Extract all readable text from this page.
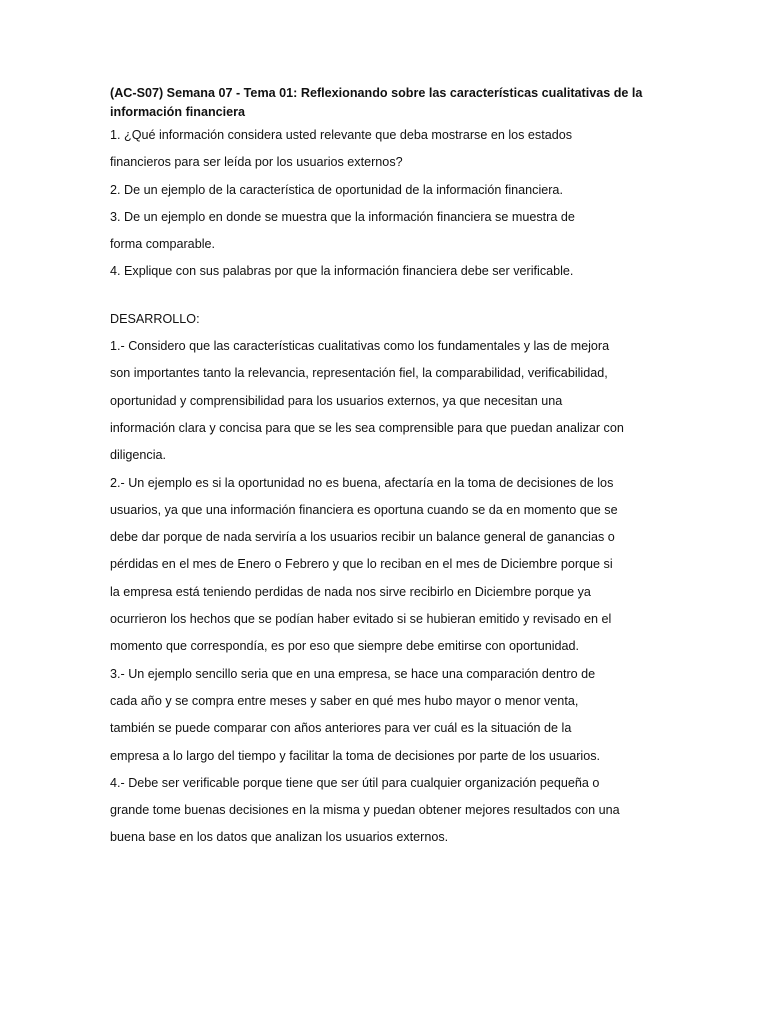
(AC-S07) Semana 07 - Tema 01: Reflexionando sobre las características cualitativas de la
información financiera
1. ¿Qué información considera usted relevante que deba mostrarse en los estados
financieros para ser leída por los usuarios externos?
2. De un ejemplo de la característica de oportunidad de la información financiera.
3. De un ejemplo en donde se muestra que la información financiera se muestra de
forma comparable.
4. Explique con sus palabras por que la información financiera debe ser verificable.
DESARROLLO:
1.- Considero que las características cualitativas como los fundamentales y las de mejora
son importantes tanto la relevancia, representación fiel, la comparabilidad, verificabilidad,
oportunidad y comprensibilidad para los usuarios externos, ya que necesitan una
información clara y concisa para que se les sea comprensible para que puedan analizar con
diligencia.
2.- Un ejemplo es si la oportunidad no es buena, afectaría en la toma de decisiones de los
usuarios, ya que una información financiera es oportuna cuando se da en momento que se
debe dar porque de nada serviría a los usuarios recibir un balance general de ganancias o
pérdidas en el mes de Enero o Febrero y que lo reciban en el mes de Diciembre porque si
la empresa está teniendo perdidas de nada nos sirve recibirlo en Diciembre porque ya
ocurrieron los hechos que se podían haber evitado si se hubieran emitido y revisado en el
momento que correspondía, es por eso que siempre debe emitirse con oportunidad.
3.- Un ejemplo sencillo seria que en una empresa, se hace una comparación dentro de
cada año y se compra entre meses y saber en qué mes hubo mayor o menor venta,
también se puede comparar con años anteriores para ver cuál es la situación de la
empresa a lo largo del tiempo y facilitar la toma de decisiones por parte de los usuarios.
4.- Debe ser verificable porque tiene que ser útil para cualquier organización pequeña o
grande tome buenas decisiones en la misma y puedan obtener mejores resultados con una
buena base en los datos que analizan los usuarios externos.
